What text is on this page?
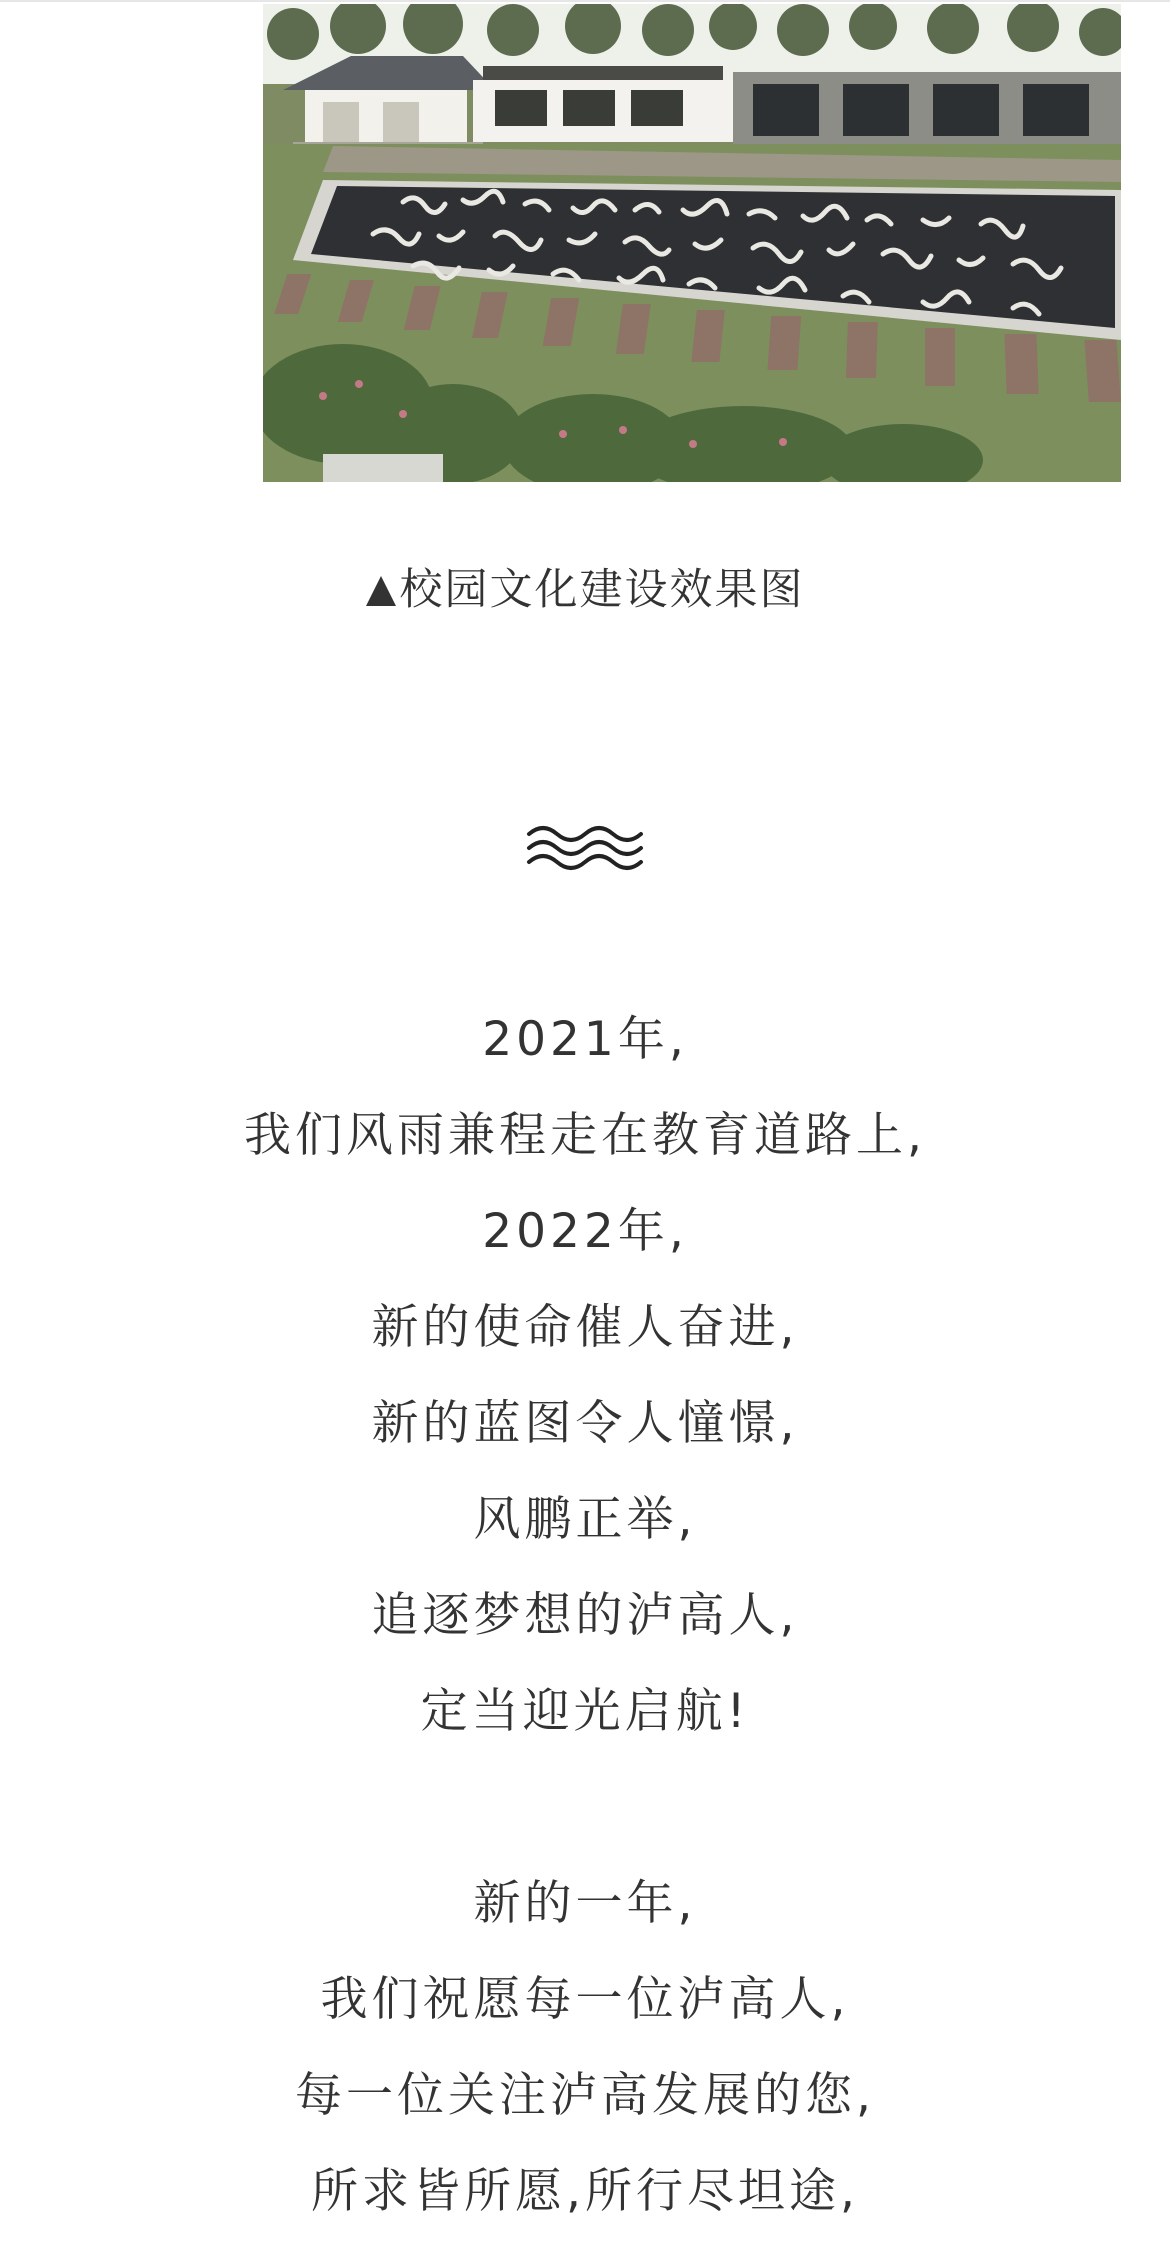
校园文化建设效果图
2021年,
我们风雨兼程走在教育道路上,
2022年,
新的使命催人奋进,
新的蓝图令人憧憬,
风鹏正举,
追逐梦想的泸高人,
定当迎光启航!
新的一年,
我们祝愿每一位泸高人,
每一位关注泸高发展的您,
所求皆所愿,所行尽坦途,
